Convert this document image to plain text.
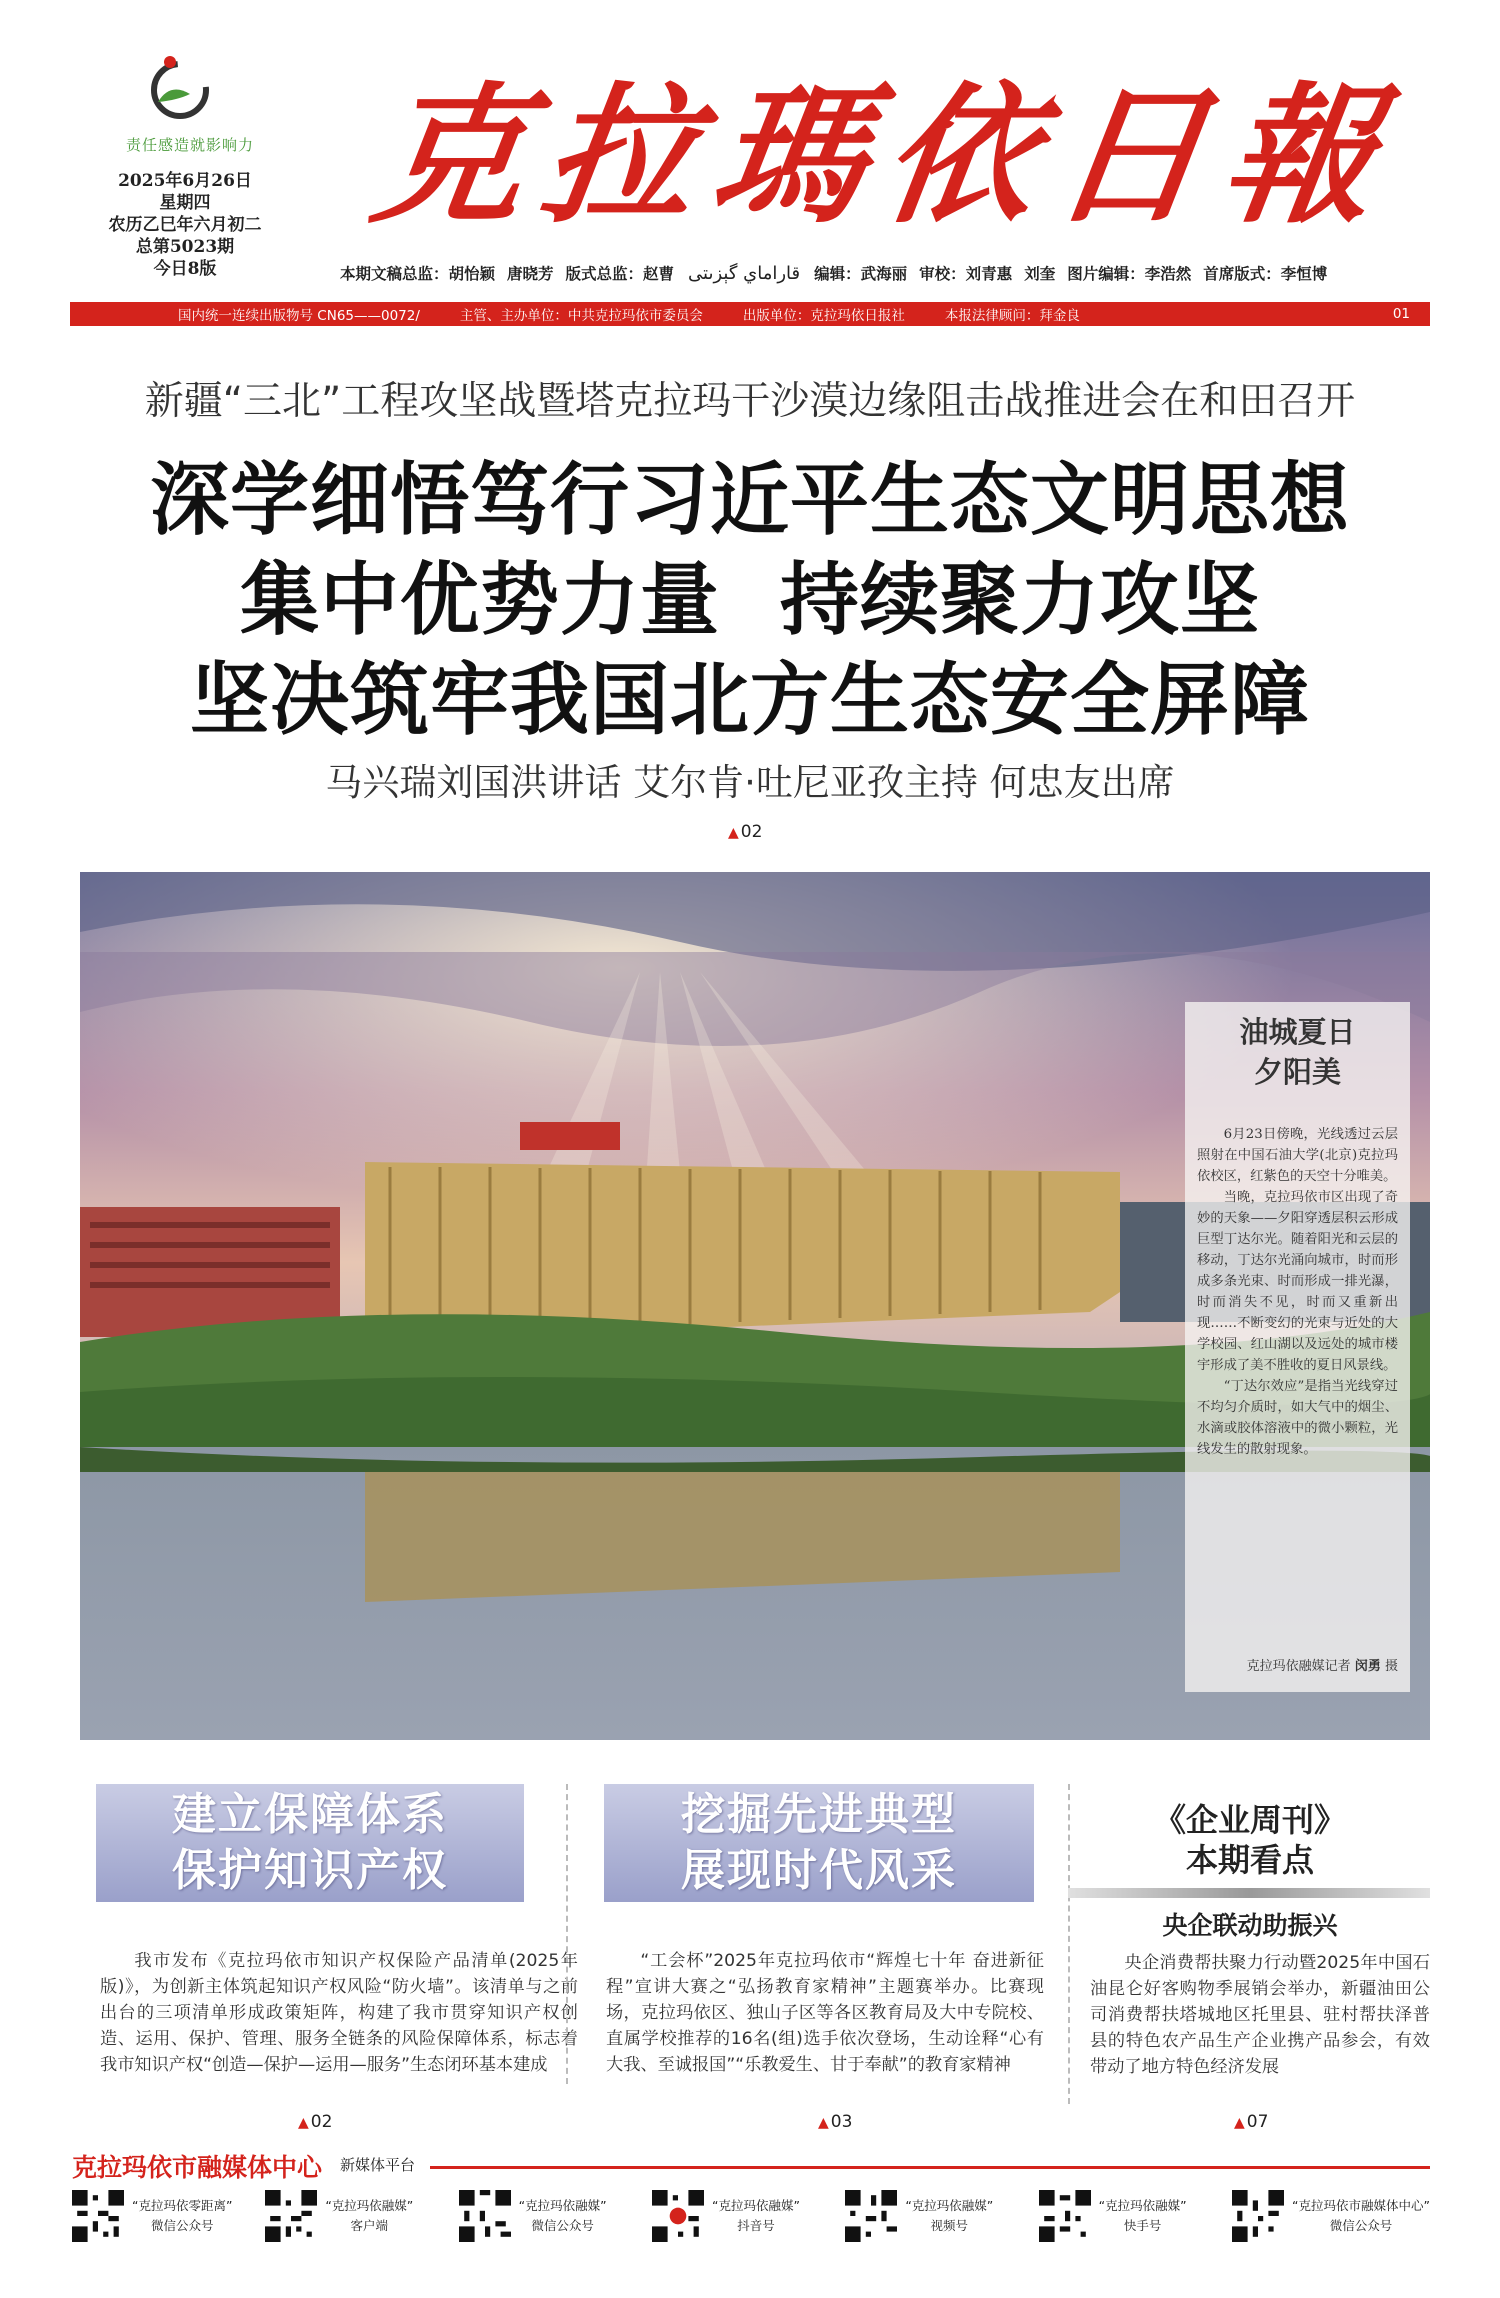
责任感造就影响力
2025年6月26日
星期四
农历乙巳年六月初二
总第5023期
今日8版
克
拉
瑪
依
日
報
本期文稿总监：胡怡颖 唐晓芳 版式总监：赵曹 قاراماي گېزىتى 编辑：武海丽 审校：刘青惠 刘奎 图片编辑：李浩然 首席版式：李恒博
国内统一连续出版物号 CN65——0072/	主管、主办单位：中共克拉玛依市委员会	出版单位：克拉玛依日报社	本报法律顾问：拜金良	01
新疆“三北”工程攻坚战暨塔克拉玛干沙漠边缘阻击战推进会在和田召开
深学细悟笃行习近平生态文明思想
集中优势力量 持续聚力攻坚
坚决筑牢我国北方生态安全屏障
马兴瑞刘国洪讲话 艾尔肯·吐尼亚孜主持 何忠友出席
▲ 02
油城夏日
夕阳美

6月23日傍晚，光线透过云层照射在中国石油大学(北京)克拉玛依校区，红紫色的天空十分唯美。

当晚，克拉玛依市区出现了奇妙的天象——夕阳穿透层积云形成巨型丁达尔光。随着阳光和云层的移动，丁达尔光涌向城市，时而形成多条光束、时而形成一排光瀑，时而消失不见，时而又重新出现……不断变幻的光束与近处的大学校园、红山湖以及远处的城市楼宇形成了美不胜收的夏日风景线。

“丁达尔效应”是指当光线穿过不均匀介质时，如大气中的烟尘、水滴或胶体溶液中的微小颗粒，光线发生的散射现象。

克拉玛依融媒记者 闵勇 摄
建立保障体系
保护知识产权
我市发布《克拉玛依市知识产权保险产品清单(2025年版)》，为创新主体筑起知识产权风险“防火墙”。该清单与之前出台的三项清单形成政策矩阵，构建了我市贯穿知识产权创造、运用、保护、管理、服务全链条的风险保障体系，标志着我市知识产权“创造—保护—运用—服务”生态闭环基本建成
▲ 02
挖掘先进典型
展现时代风采
“工会杯”2025年克拉玛依市“辉煌七十年 奋进新征程”宣讲大赛之“弘扬教育家精神”主题赛举办。比赛现场，克拉玛依区、独山子区等各区教育局及大中专院校、直属学校推荐的16名(组)选手依次登场，生动诠释“心有大我、至诚报国”“乐教爱生、甘于奉献”的教育家精神
▲ 03
《企业周刊》
本期看点
央企联动助振兴
央企消费帮扶聚力行动暨2025年中国石油昆仑好客购物季展销会举办，新疆油田公司消费帮扶塔城地区托里县、驻村帮扶泽普县的特色农产品生产企业携产品参会，有效带动了地方特色经济发展
▲ 07
克拉玛依市融媒体中心 新媒体平台
“克拉玛依零距离”
微信公众号
“克拉玛依融媒”
客户端
“克拉玛依融媒”
微信公众号
“克拉玛依融媒”
抖音号
“克拉玛依融媒”
视频号
“克拉玛依融媒”
快手号
“克拉玛依市融媒体中心”
微信公众号
